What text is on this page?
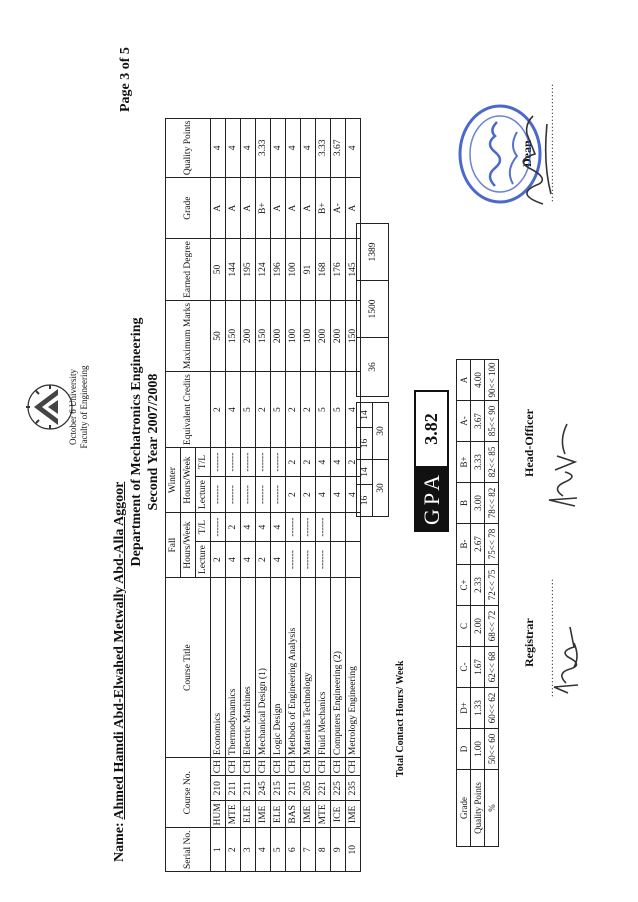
October 6 University Faculty of Engineering
Name: Ahmed Hamdi Abd-Elwahed Metwally Abd-Alla Aggoor
Page 3 of 5
Department of Mechatronics Engineering Second Year 2007/2008
Serial No.	Course No.			Course Title	Fall		Winter		Equivalent Credits	Maximum Marks	Earned Degree	Grade	Quality Points
					Hours/Week		Hours/Week						
					Lecture	T/L	Lecture	T/L					
1	HUM	210	CH	Economics	2	------	------	------	2	50	50	A	4
2	MTE	211	CH	Thermodynamics	4	2	------	------	4	150	144	A	4
3	ELE	211	CH	Electric Machines	4	4	------	------	5	200	195	A	4
4	IME	245	CH	Mechanical Design (1)	2	4	------	------	2	150	124	B+	3.33
5	ELE	215	CH	Logic Design	4	4	------	------	5	200	196	A	4
6	BAS	211	CH	Methods of Engineering Analysis	------	------	2	2	2	100	100	A	4
7	IME	205	CH	Materials Technology	------	------	2	2	2	100	91	A	4
8	MTE	221	CH	Fluid Mechanics	------	------	4	4	5	200	168	B+	3.33
9	ICE	225	CH	Computers Engineering (2)			4	4	5	200	176	A-	3.67
10	IME	235	CH	Metrology Engineering			4	2	4	150	145	A	4
Total Contact Hours/ Week
16	14	16	14
30		30	
36	1500	1389
GPA
3.82
Grade	D	D+	C-	C	C+	B-	B	B+	A-	A
Quality Points	1.00	1.33	1.67	2.00	2.33	2.67	3.00	3.33	3.67	4.00
%	50<< 60	60<< 62	62<< 68	68<< 72	72<< 75	75<< 78	78<< 82	82<< 85	85<< 90	90<< 100
Registrar ..................................
Head-Officer
Dean ..................................
